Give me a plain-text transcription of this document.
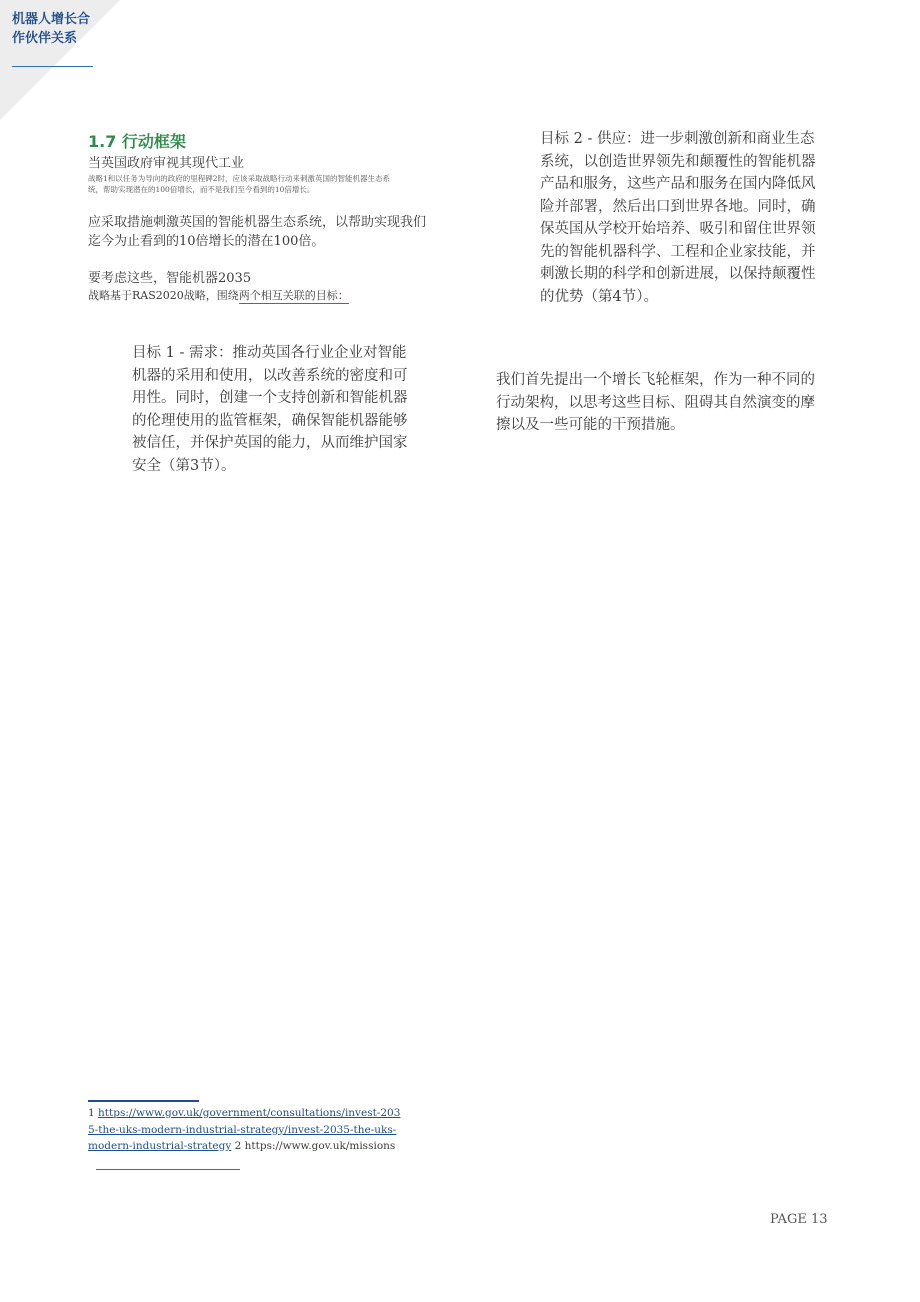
机器人增长合作伙伴关系
1.7 行动框架
当英国政府审视其现代工业
战略1和以任务为导向的政府的里程碑2时，应该采取战略行动来刺激英国的智能机器生态系统，帮助实现潜在的100倍增长，而不是我们至今看到的10倍增长。
应采取措施刺激英国的智能机器生态系统，以帮助实现我们迄今为止看到的10倍增长的潜在100倍。
要考虑这些，智能机器2035
战略基于RAS2020战略，围绕两个相互关联的目标：
目标 1 - 需求：推动英国各行业企业对智能机器的采用和使用，以改善系统的密度和可用性。同时，创建一个支持创新和智能机器的伦理使用的监管框架，确保智能机器能够被信任，并保护英国的能力，从而维护国家安全（第3节）。
目标 2 - 供应：进一步刺激创新和商业生态系统，以创造世界领先和颠覆性的智能机器产品和服务，这些产品和服务在国内降低风险并部署，然后出口到世界各地。同时，确保英国从学校开始培养、吸引和留住世界领先的智能机器科学、工程和企业家技能，并刺激长期的科学和创新进展，以保持颠覆性的优势（第4节）。
我们首先提出一个增长飞轮框架，作为一种不同的行动架构，以思考这些目标、阻碍其自然演变的摩擦以及一些可能的干预措施。
1 https://www.gov.uk/government/consultations/invest-2035-the-uks-modern-industrial-strategy/invest-2035-the-uks-modern-industrial-strategy 2 https://www.gov.uk/missions
PAGE 13
